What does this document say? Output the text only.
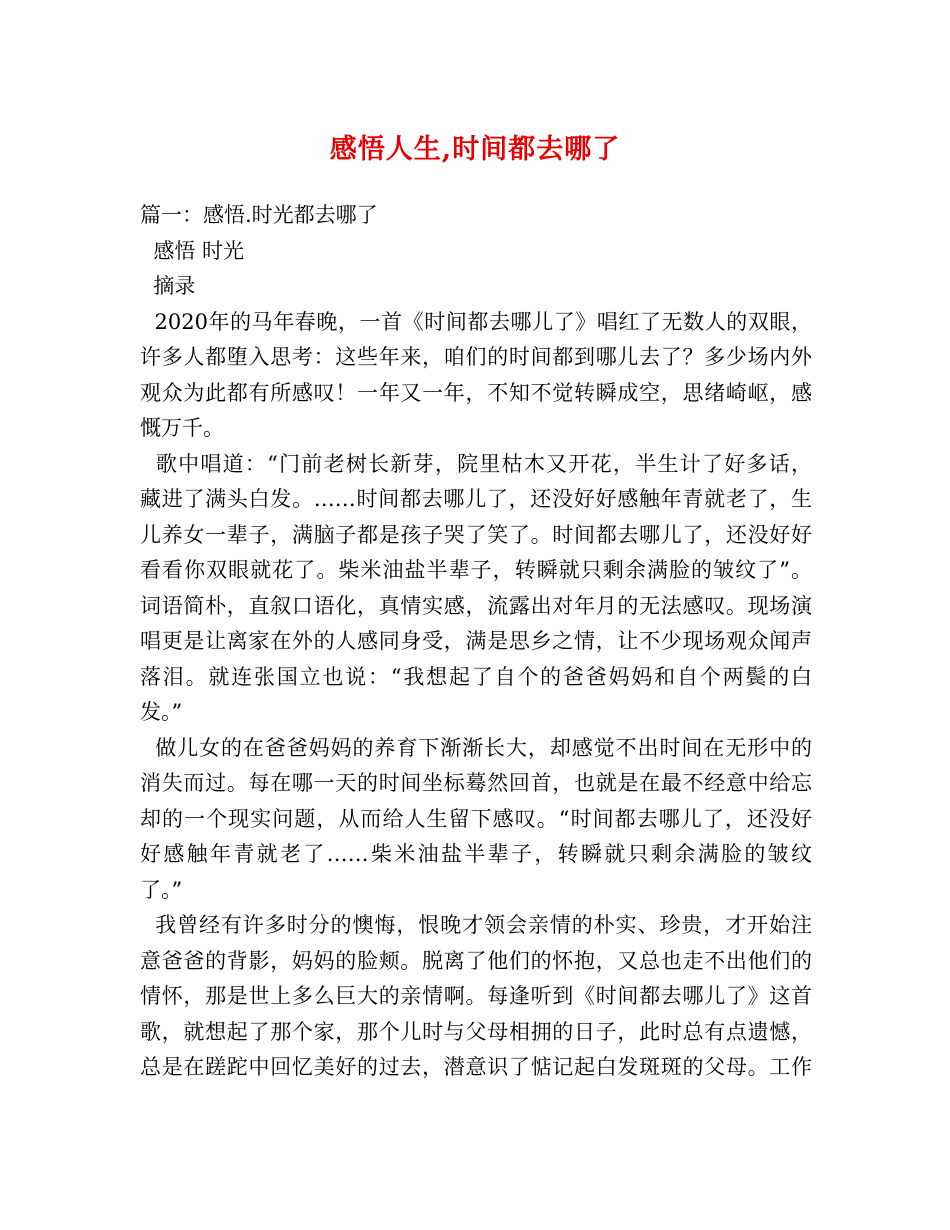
感悟人生,时间都去哪了
篇一：感悟.时光都去哪了
感悟 时光
摘录
2020年的马年春晚，一首《时间都去哪儿了》唱红了无数人的双眼，
许多人都堕入思考：这些年来，咱们的时间都到哪儿去了？多少场内外
观众为此都有所感叹！一年又一年，不知不觉转瞬成空，思绪崎岖，感
慨万千。
歌中唱道：“门前老树长新芽，院里枯木又开花，半生计了好多话，
藏进了满头白发。……时间都去哪儿了，还没好好感触年青就老了，生
儿养女一辈子，满脑子都是孩子哭了笑了。时间都去哪儿了，还没好好
看看你双眼就花了。柴米油盐半辈子，转瞬就只剩余满脸的皱纹了”。
词语简朴，直叙口语化，真情实感，流露出对年月的无法感叹。现场演
唱更是让离家在外的人感同身受，满是思乡之情，让不少现场观众闻声
落泪。就连张国立也说：“我想起了自个的爸爸妈妈和自个两鬓的白
发。”
做儿女的在爸爸妈妈的养育下渐渐长大，却感觉不出时间在无形中的
消失而过。每在哪一天的时间坐标蓦然回首，也就是在最不经意中给忘
却的一个现实问题，从而给人生留下感叹。“时间都去哪儿了，还没好
好感触年青就老了……柴米油盐半辈子，转瞬就只剩余满脸的皱纹
了。”
我曾经有许多时分的懊悔，恨晚才领会亲情的朴实、珍贵，才开始注
意爸爸的背影，妈妈的脸颊。脱离了他们的怀抱，又总也走不出他们的
情怀，那是世上多么巨大的亲情啊。每逢听到《时间都去哪儿了》这首
歌，就想起了那个家，那个儿时与父母相拥的日子，此时总有点遗憾，
总是在蹉跎中回忆美好的过去，潜意识了惦记起白发斑斑的父母。工作
